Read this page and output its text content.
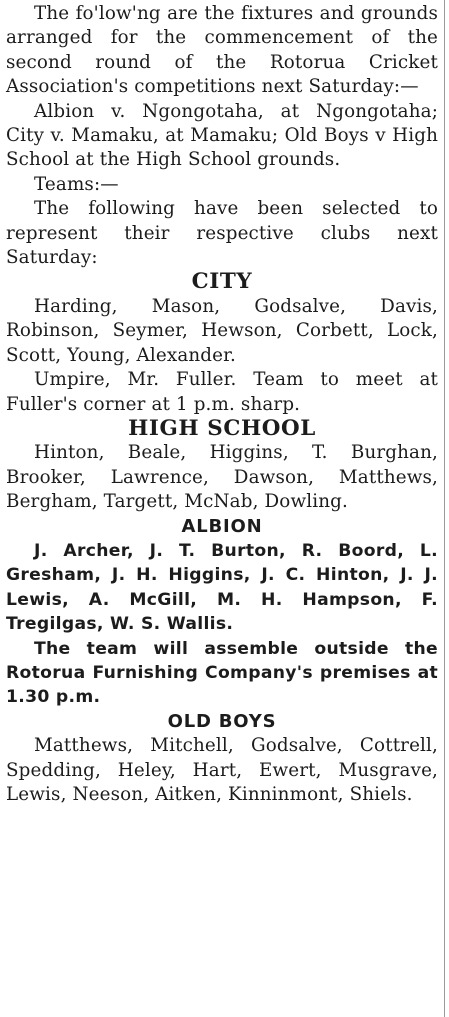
The fo'low'ng are the fixtures and grounds arranged for the commencement of the second round of the Rotorua Cricket Association's competitions next Saturday:—

Albion v. Ngongotaha, at Ngongotaha; City v. Mamaku, at Mamaku; Old Boys v High School at the High School grounds.

Teams:—

The following have been selected to represent their respective clubs next Saturday:

CITY

Harding, Mason, Godsalve, Davis, Robinson, Seymer, Hewson, Corbett, Lock, Scott, Young, Alexander.

Umpire, Mr. Fuller. Team to meet at Fuller's corner at 1 p.m. sharp.

HIGH SCHOOL

Hinton, Beale, Higgins, T. Burghan, Brooker, Lawrence, Dawson, Matthews, Bergham, Targett, McNab, Dowling.

ALBION

J. Archer, J. T. Burton, R. Boord, L. Gresham, J. H. Higgins, J. C. Hinton, J. J. Lewis, A. McGill, M. H. Hampson, F. Tregilgas, W. S. Wallis.

The team will assemble outside the Rotorua Furnishing Company's premises at 1.30 p.m.

OLD BOYS

Matthews, Mitchell, Godsalve, Cottrell, Spedding, Heley, Hart, Ewert, Musgrave, Lewis, Neeson, Aitken, Kinninmont, Shiels.
